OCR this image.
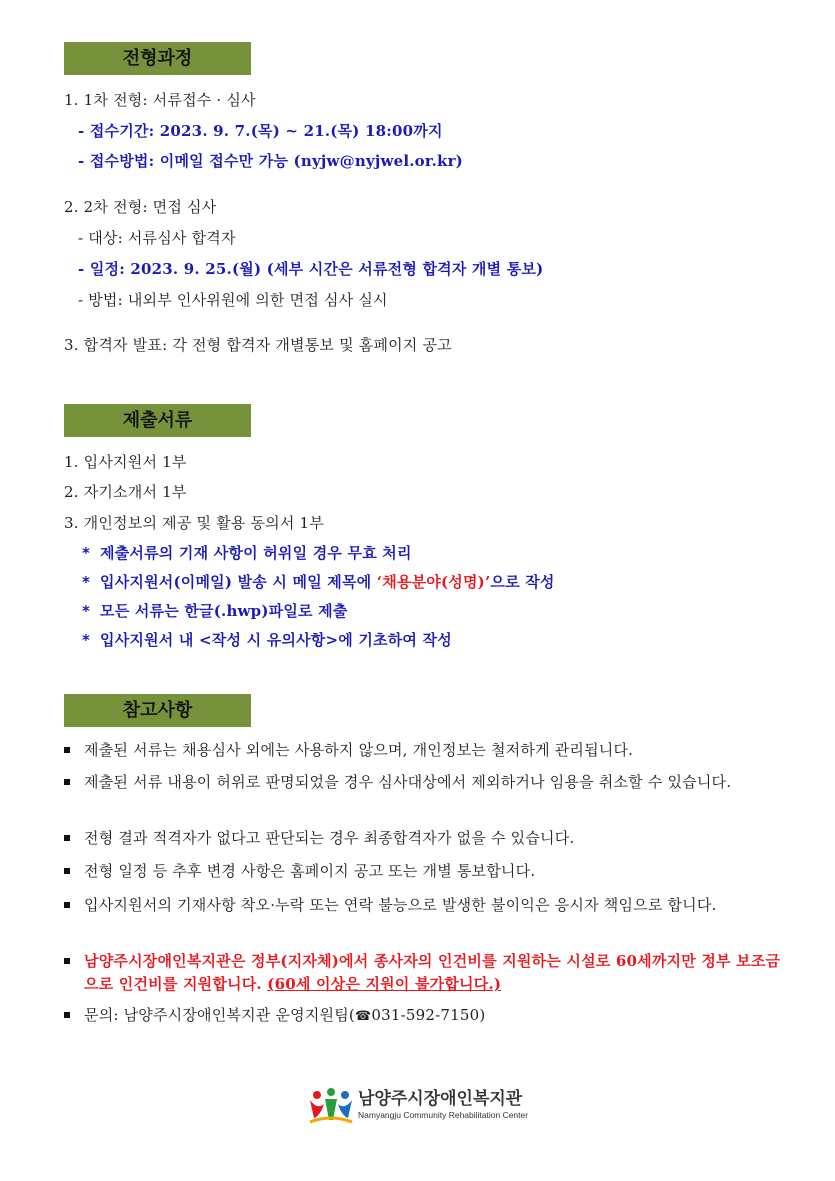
전형과정
1. 1차 전형: 서류접수 · 심사
- 접수기간: 2023. 9. 7.(목) ~ 21.(목) 18:00까지
- 접수방법: 이메일 접수만 가능 (nyjw@nyjwel.or.kr)
2. 2차 전형: 면접 심사
- 대상: 서류심사 합격자
- 일정: 2023. 9. 25.(월) (세부 시간은 서류전형 합격자 개별 통보)
- 방법: 내외부 인사위원에 의한 면접 심사 실시
3. 합격자 발표: 각 전형 합격자 개별통보 및 홈페이지 공고
제출서류
1. 입사지원서 1부
2. 자기소개서 1부
3. 개인정보의 제공 및 활용 동의서 1부
* 제출서류의 기재 사항이 허위일 경우 무효 처리
* 입사지원서(이메일) 발송 시 메일 제목에 ‘채용분야(성명)’으로 작성
* 모든 서류는 한글(.hwp)파일로 제출
* 입사지원서 내 <작성 시 유의사항>에 기초하여 작성
참고사항
제출된 서류는 채용심사 외에는 사용하지 않으며, 개인정보는 철저하게 관리됩니다.
제출된 서류 내용이 허위로 판명되었을 경우 심사대상에서 제외하거나 임용을 취소할 수 있습니다.
전형 결과 적격자가 없다고 판단되는 경우 최종합격자가 없을 수 있습니다.
전형 일정 등 추후 변경 사항은 홈페이지 공고 또는 개별 통보합니다.
입사지원서의 기재사항 착오·누락 또는 연락 불능으로 발생한 불이익은 응시자 책임으로 합니다.
남양주시장애인복지관은 정부(지자체)에서 종사자의 인건비를 지원하는 시설로 60세까지만 정부 보조금으로 인건비를 지원합니다. (60세 이상은 지원이 불가합니다.)
문의: 남양주시장애인복지관 운영지원팀(☎031-592-7150)
남양주시장애인복지관
Namyangju Community Rehabilitation Center
